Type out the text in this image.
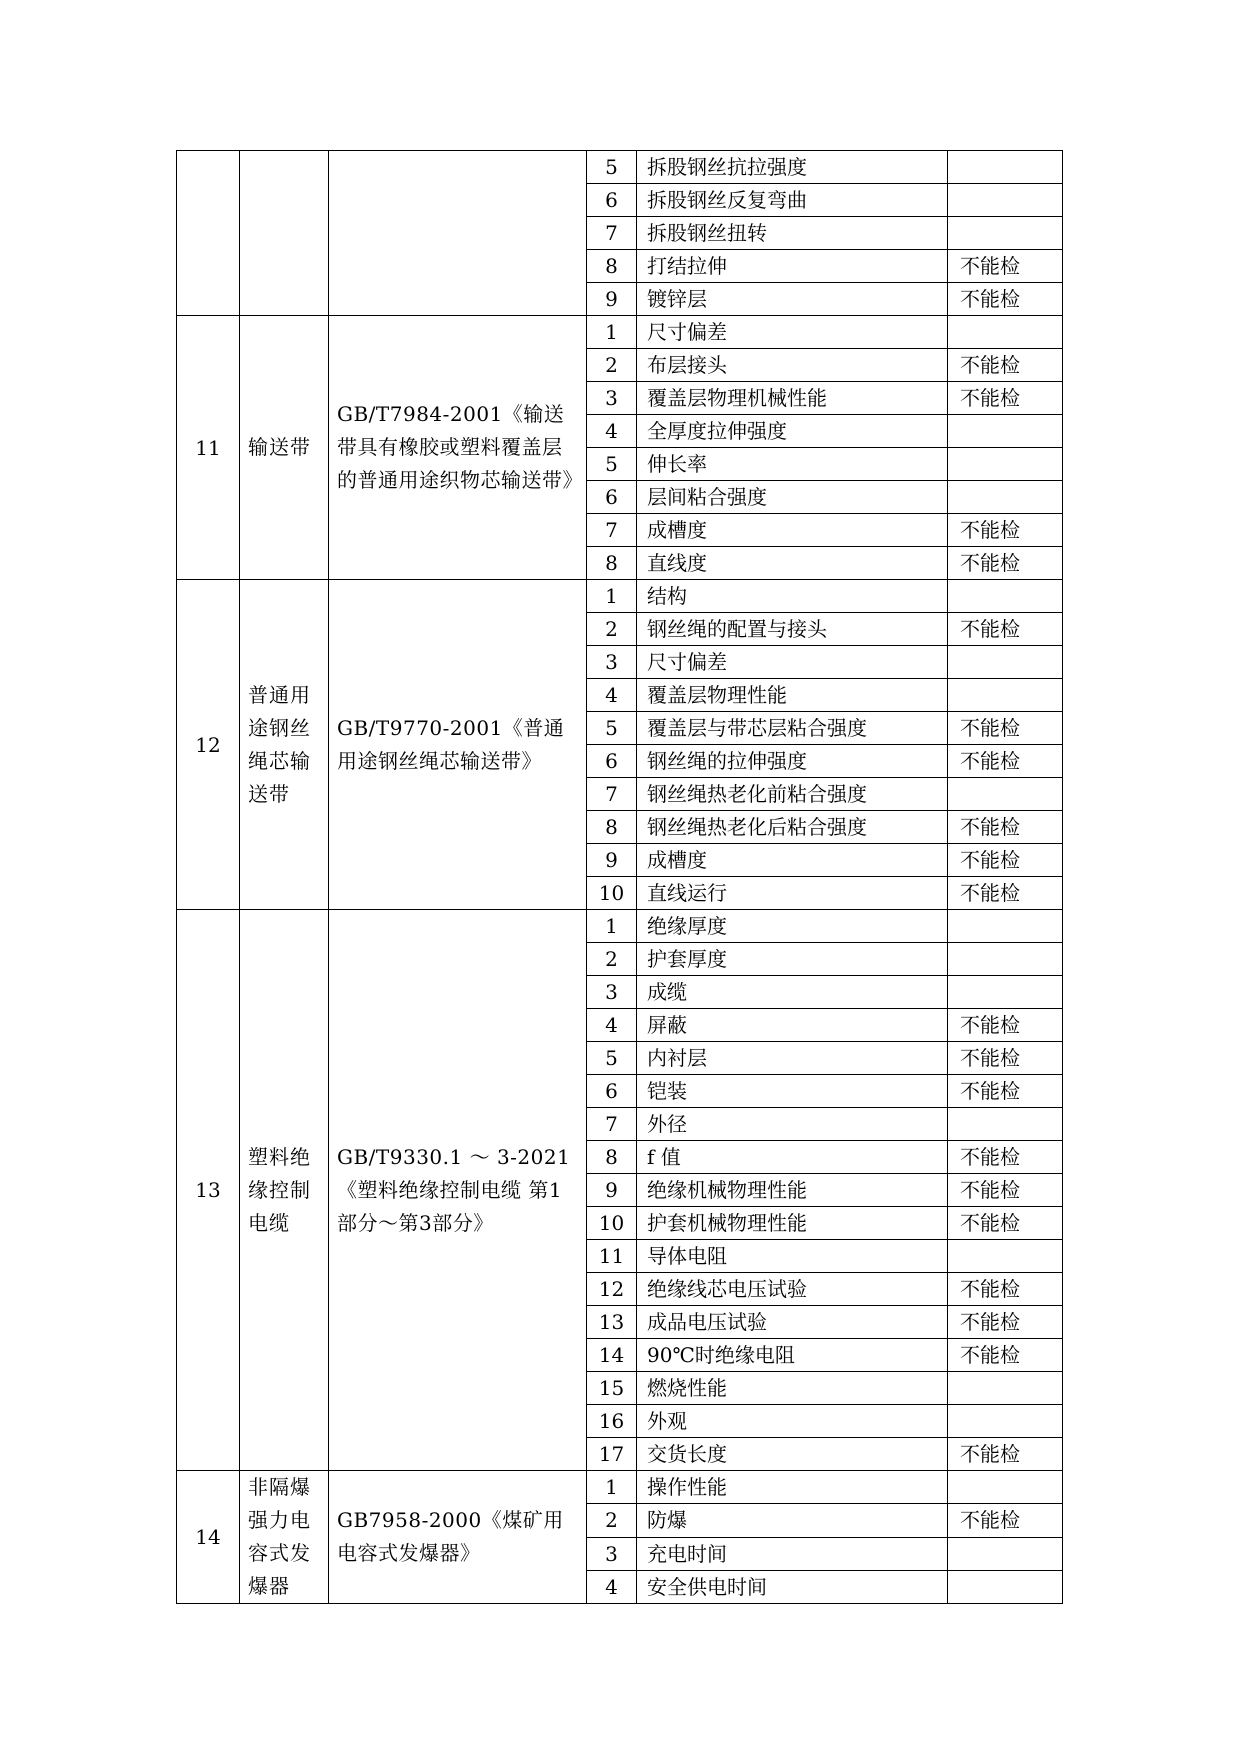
			5	拆股钢丝抗拉强度	
			6	拆股钢丝反复弯曲	
			7	拆股钢丝扭转	
			8	打结拉伸	不能检
			9	镀锌层	不能检
11	输送带	GB/T7984-2001《输送带具有橡胶或塑料覆盖层的普通用途织物芯输送带》	1	尺寸偏差	
			2	布层接头	不能检
			3	覆盖层物理机械性能	不能检
			4	全厚度拉伸强度	
			5	伸长率	
			6	层间粘合强度	
			7	成槽度	不能检
			8	直线度	不能检
12	普通用途钢丝绳芯输送带	GB/T9770-2001《普通用途钢丝绳芯输送带》	1	结构	
			2	钢丝绳的配置与接头	不能检
			3	尺寸偏差	
			4	覆盖层物理性能	
			5	覆盖层与带芯层粘合强度	不能检
			6	钢丝绳的拉伸强度	不能检
			7	钢丝绳热老化前粘合强度	
			8	钢丝绳热老化后粘合强度	不能检
			9	成槽度	不能检
			10	直线运行	不能检
13	塑料绝缘控制电缆	GB/T9330.1 ～ 3-2021《塑料绝缘控制电缆 第1部分～第3部分》	1	绝缘厚度	
			2	护套厚度	
			3	成缆	
			4	屏蔽	不能检
			5	内衬层	不能检
			6	铠装	不能检
			7	外径	
			8	f 值	不能检
			9	绝缘机械物理性能	不能检
			10	护套机械物理性能	不能检
			11	导体电阻	
			12	绝缘线芯电压试验	不能检
			13	成品电压试验	不能检
			14	90℃时绝缘电阻	不能检
			15	燃烧性能	
			16	外观	
			17	交货长度	不能检
14	非隔爆强力电容式发爆器	GB7958-2000《煤矿用电容式发爆器》	1	操作性能	
			2	防爆	不能检
			3	充电时间	
			4	安全供电时间	
